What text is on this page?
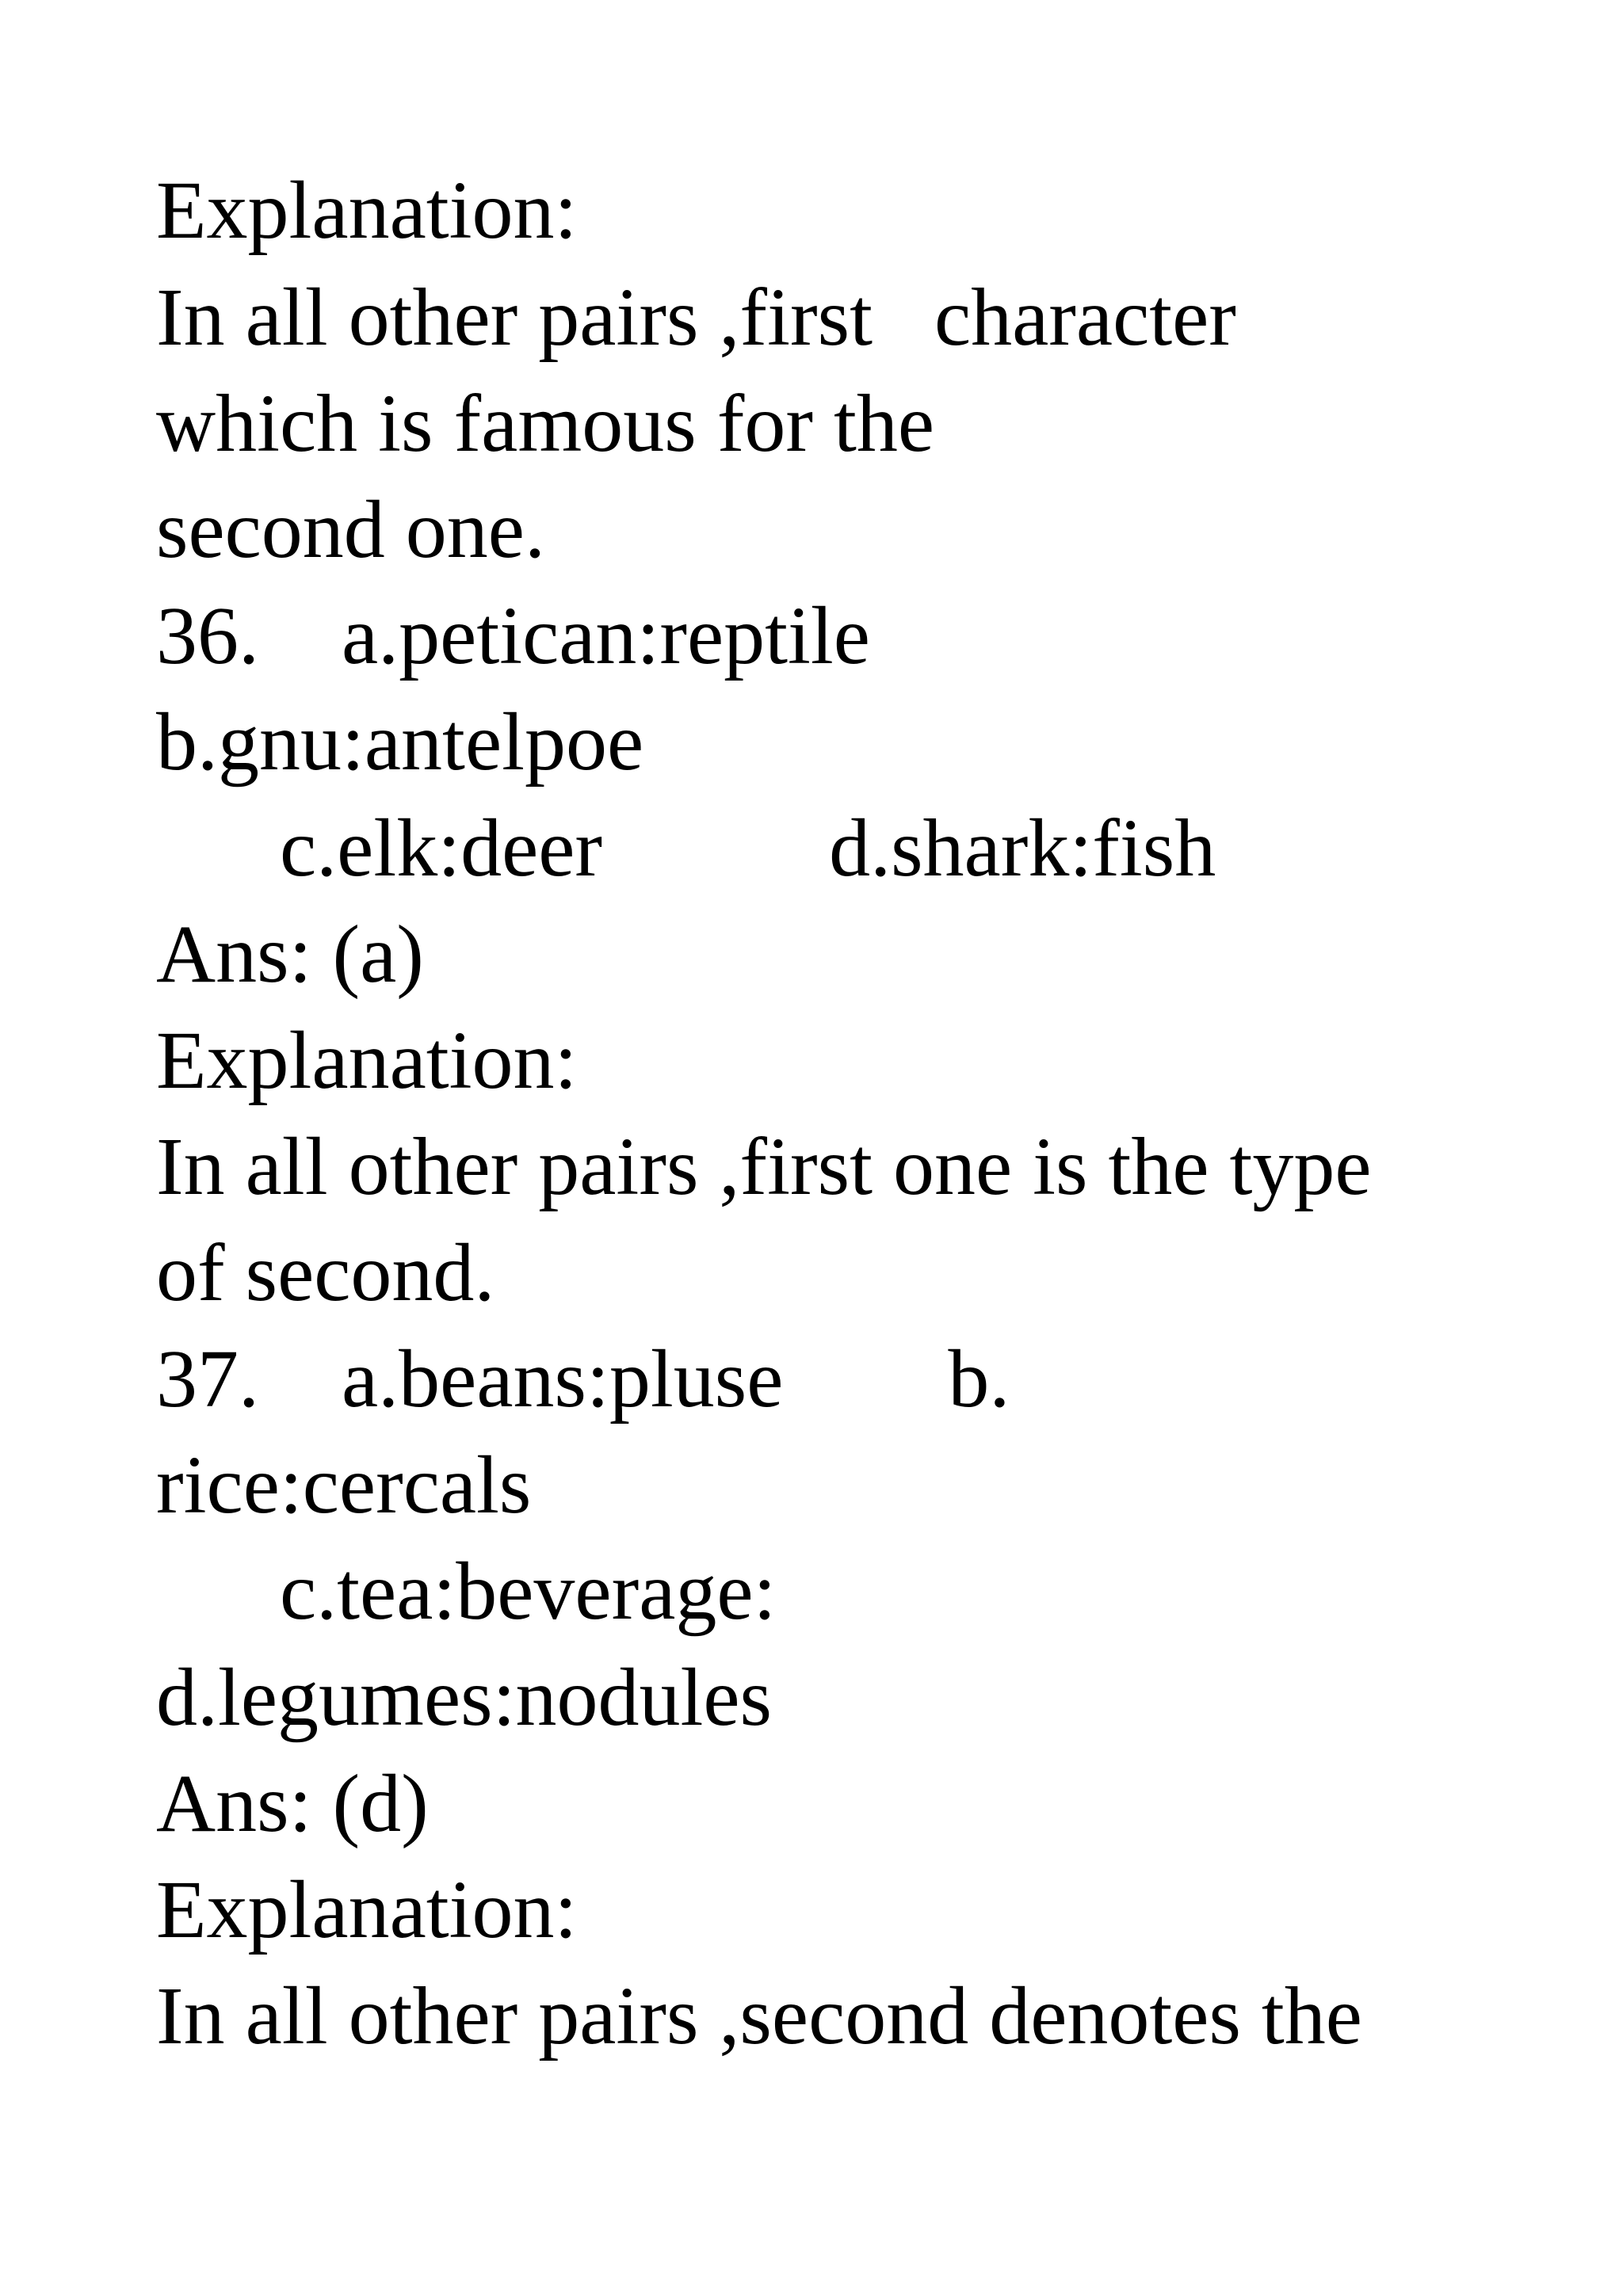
Explanation:

In all other pairs ,first   character

which is famous for the

second one.

36.    a.petican:reptile

b.gnu:antelpoe

c.elk:deer           d.shark:fish

Ans: (a)

Explanation:

In all other pairs ,first one is the type

of second.

37.    a.beans:pluse        b.

rice:cercals

c.tea:beverage:

d.legumes:nodules

Ans: (d)

Explanation:

In all other pairs ,second denotes the
